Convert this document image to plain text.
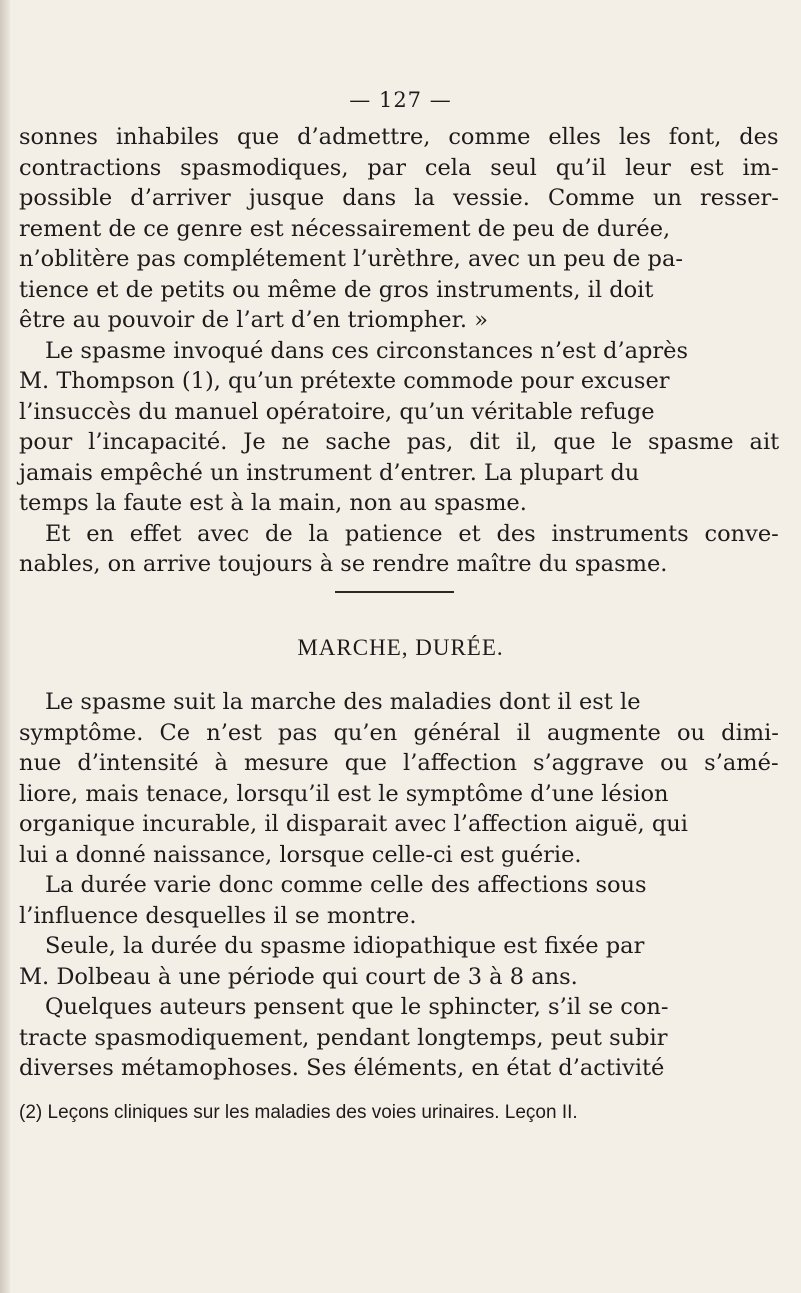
— 127 —
sonnes inhabiles que d’admettre, comme elles les font, des
contractions spasmodiques, par cela seul qu’il leur est im-
possible d’arriver jusque dans la vessie. Comme un resser-
rement de ce genre est nécessairement de peu de durée,
n’oblitère pas complétement l’urèthre, avec un peu de pa-
tience et de petits ou même de gros instruments, il doit
être au pouvoir de l’art d’en triompher. »
Le spasme invoqué dans ces circonstances n’est d’après
M. Thompson (1), qu’un prétexte commode pour excuser
l’insuccès du manuel opératoire, qu’un véritable refuge
pour l’incapacité. Je ne sache pas, dit il, que le spasme ait
jamais empêché un instrument d’entrer. La plupart du
temps la faute est à la main, non au spasme.
Et en effet avec de la patience et des instruments conve-
nables, on arrive toujours à se rendre maître du spasme.
MARCHE, DURÉE.
Le spasme suit la marche des maladies dont il est le
symptôme. Ce n’est pas qu’en général il augmente ou dimi-
nue d’intensité à mesure que l’affection s’aggrave ou s’amé-
liore, mais tenace, lorsqu’il est le symptôme d’une lésion
organique incurable, il disparait avec l’affection aiguë, qui
lui a donné naissance, lorsque celle-ci est guérie.
La durée varie donc comme celle des affections sous
l’influence desquelles il se montre.
Seule, la durée du spasme idiopathique est fixée par
M. Dolbeau à une période qui court de 3 à 8 ans.
Quelques auteurs pensent que le sphincter, s’il se con-
tracte spasmodiquement, pendant longtemps, peut subir
diverses métamophoses. Ses éléments, en état d’activité
(2) Leçons cliniques sur les maladies des voies urinaires. Leçon II.
